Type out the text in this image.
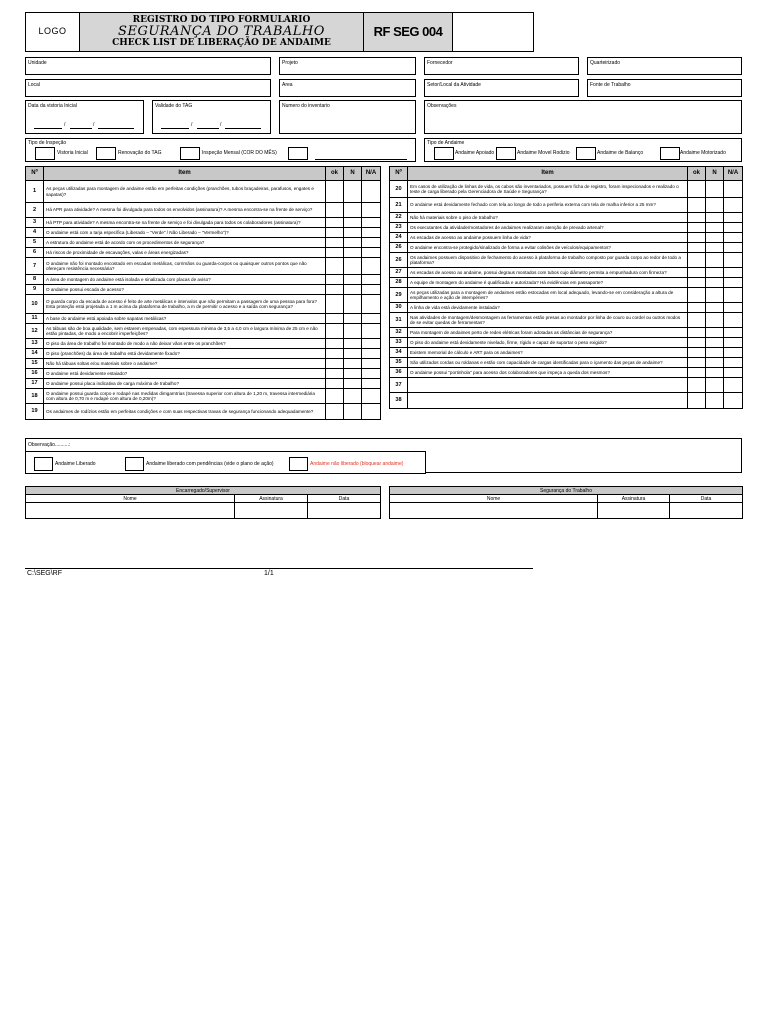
LOGO
REGISTRO DO TIPO FORMULARIO
SEGURANÇA DO TRABALHO
CHECK LIST DE LIBERAÇÃO DE ANDAIME
RF SEG 004
Unidade	Projeto	Fornecedor	Quarteirizado
Local	Area	Setor/Local da Atividade	Fonte de Trabalho
Data da vistoria Inicial
/	/
Validade do TAG
/	/
Numero do inventario	Observações
Tipo de Inspeção
Vistoria Inicial	Renovação do TAG	Inspeção Mensal (COR DO MÊS)
Tipo de Andaime
Andaime Apoiado	Andaime Movel Rodizio	Andaime de Balanço	Andaime Motorizado
Nº	Item	ok	N	N/A
1	As peças utilizadas para montagem de andaime estão em perfeitas condições (pranchões, tubos braçadeiras, parafusos, engates e sapatas)?			
2	Há APR para atividade? A mesma foi divulgada para todos os envolvidos (assinatura)? A mesma encontra-se na frente de serviço?			
3	Há PTP para atividade? A mesma encontra-se na frente de serviço e foi divulgada para todos os colaboradores (assinatura)?			
4	O andaime está com a tarja específica (Liberado – "Verde" / Não Liberado – "Vermelho")?			
5	A estrutura do andaime está de acordo com os procedimentos de segurança?			
6	Há riscos de proximidade de escavações, valas e áreas energizadas?			
7	O andaime não foi montado encostado em escadas metálicas, corrimãos ou guarda-corpos ou quaisquer outros pontos que não ofereçam resistência necessária?			
8	A área de montagem do andaime está isolada e sinalizada com placas de aviso?			
9	O andaime possui escada de acesso?			
10	O guarda corpo da escada de acesso é feito de arte metálicas e intervalos que não permitam a passagem de uma pessoa para fora? Esta proteção está projetada a 1 m acima da plataforma de trabalho, a m de permitir o acesso e a saída com segurança?			
11	A base do andaime está apoiada sobre sapatas metálicas?			
12	As tábuas são de boa qualidade, sem estarem empenadas, com espessura mínima de 3,5 a 4,0 cm e largura mínima de 25 cm e não estão pintadas, de modo a encobrir imperfeições?			
13	O piso da área de trabalho foi montado de modo a não deixar vãos entre os pranchões?			
14	O piso (pranchões) da área de trabalho está devidamente fixado?			
15	Não há tábuas soltas e/ou materiais sobre o andaime?			
16	O andaime está devidamente estaiado?			
17	O andaime possui placa indicativa de carga máxima de trabalho?			
18	O andaime possui guarda corpo e rodapé nas medidas dimgarntrias (travessa superior com altura de 1,20 m, travessa intermediária com altura de 0,70 m e rodapé com altura de 0,20m)?			
19	Os andaimes de rodízios estão em perfeitas condições e com suas respectivas travas de segurança funcionando adequadamente?			
Nº	Item	ok	N	N/A
20	Em casos de utilização de linhas de vida, os cabos são inventariados, possuem ficha de registro, foram inspecionados e realizado o teste de carga liberado pela Gerenciadora de Saúde e Segurança?			
21	O andaime está devidamente fechado com tela ao longo de todo a periferia externa com tela de malha inferior a 25 mm?			
22	Não há materiais sobre o piso de trabalho?			
23	Os executantes da atividade/montadores de andaimes realizaram atenção de prevado artenal?			
24	As escadas de acesso ao andaime possuem linha de vida?			
26	O andaime encontra-se protegido/sinalizado de forma a evitar colisões de veículos/equipamentos?			
26	Os andaimes possuem dispositivo de fechamento do acesso à plataforma de trabalho composto por guarda corpo ao redor de todo a plataforma?			
27	As escadas de acesso ao andaime, possui degraus montados com tubos cujo diâmetro permita a empunhadura com firmeza?			
28	A equipe de montagem do andaime é qualificada e autorizada? Há evidências em passaporte?			
29	As peças utilizadas para a montagem de andaimes estão estocadas em local adequado, levando-se em consideração a altura de empilhamento e ação de intempéries?			
30	A linha de vida está devidamente instalada?			
31	Nas atividades de montagem/desmontagem as ferramentas estão presas ao montador por linha de couro ou cordel ou outros modos de se evitar quedas de ferramentas?			
32	Para montagem de andaimes perto de redes elétricas foram adotadas as distâncias de segurança?			
33	O piso do andaime está devidamente nivelado, firme, rígido e capaz de suportar o peso exigido?			
34	Existem memorial de cálculo e ART para os andaimes?			
35	São utilizados cordas ou roldanas e estão com capacidade de cargas identificadas para o içamento das peças de andaime?			
36	O andaime possui "portinhola" para acesso dos colaboradores que impeça a queda dos mesmos?			
37				
38				
Observação..........:
Andaime Liberado	Andaime liberado com pendências (vide o plano de ação)	Andaime não liberado (bloquear andaime)
Encarregado/Supervisor		
Nome	Assinatura	Data

Segurança do Trabalho		
Nome	Assinatura	Data

C:\SEG\RF	1/1
